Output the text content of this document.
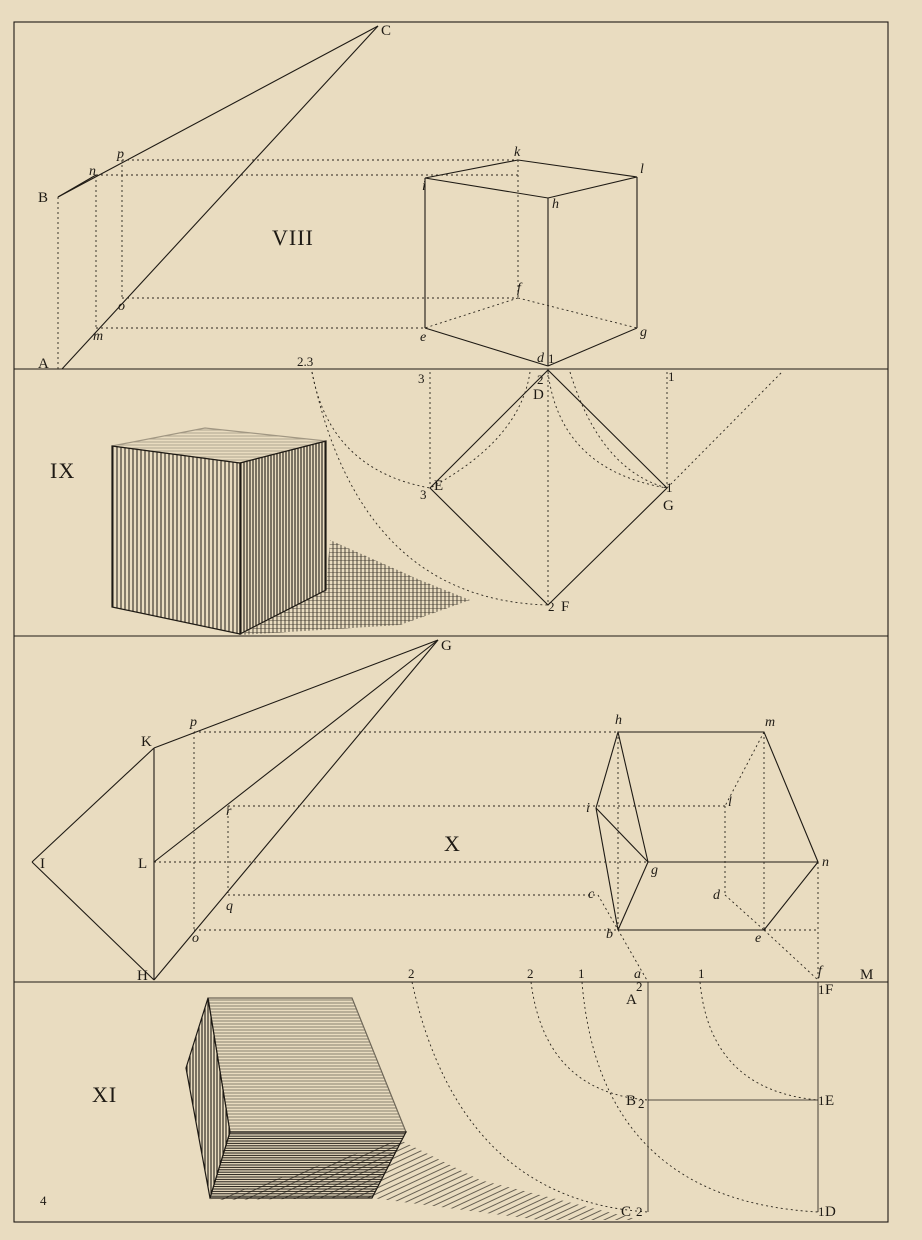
VIII
A
B
C
m
n
o
p	k
l
i
h
f
g
e
d 1
IX
2.3
3	2
D
1
E
3	1
G
2 F
X
G
K
p
I	L
H
r
q
o
h	m
i	l
g
n
c	d
b	e
f	M
a
XI
2	2	1	1
A
2	1 F
B 2	1 E
C 2	1 D
4
